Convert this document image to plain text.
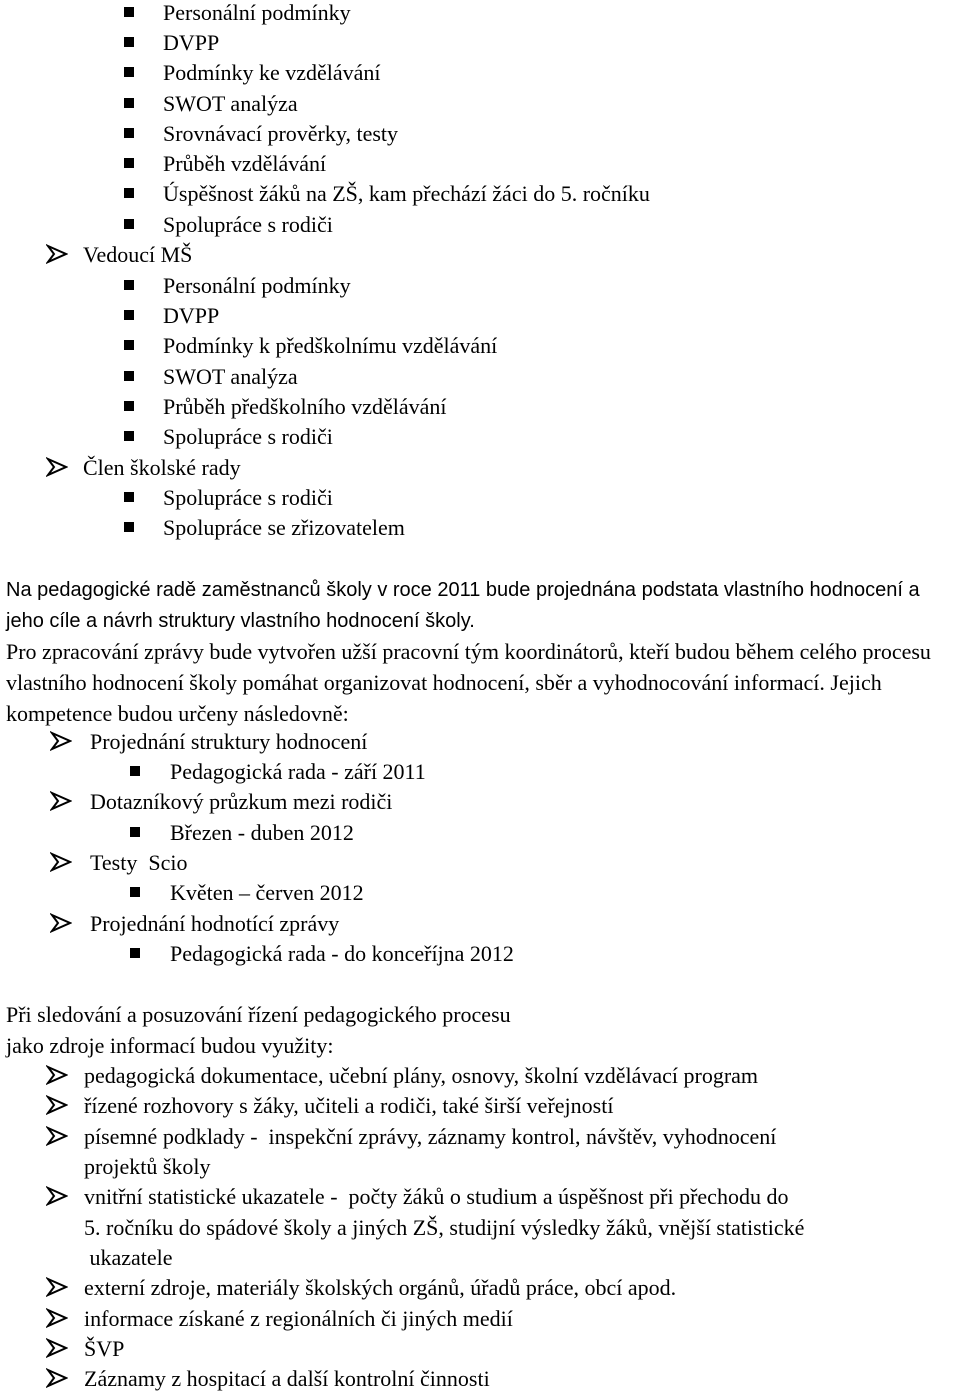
Personální podmínky
DVPP
Podmínky ke vzdělávání
SWOT analýza
Srovnávací prověrky, testy
Průběh vzdělávání
Úspěšnost žáků na ZŠ, kam přechází žáci do 5. ročníku
Spolupráce s rodiči
Vedoucí MŠ
Personální podmínky
DVPP
Podmínky k předškolnímu vzdělávání
SWOT analýza
Průběh předškolního vzdělávání
Spolupráce s rodiči
Člen školské rady
Spolupráce s rodiči
Spolupráce se zřizovatelem
Na pedagogické radě zaměstnanců školy v roce 2011 bude projednána podstata vlastního hodnocení a jeho cíle a návrh struktury vlastního hodnocení školy.
Pro zpracování zprávy bude vytvořen užší pracovní tým koordinátorů, kteří budou během celého procesu vlastního hodnocení školy pomáhat organizovat hodnocení, sběr a vyhodnocování informací. Jejich kompetence budou určeny následovně:
Projednání struktury hodnocení
Pedagogická rada - září 2011
Dotazníkový průzkum mezi rodiči
Březen - duben 2012
Testy  Scio
Květen – červen 2012
Projednání hodnotící zprávy
Pedagogická rada - do konceříjna 2012
Při sledování a posuzování řízení pedagogického procesu
jako zdroje informací budou využity:
pedagogická dokumentace, učební plány, osnovy, školní vzdělávací program
řízené rozhovory s žáky, učiteli a rodiči, také širší veřejností
písemné podklady -  inspekční zprávy, záznamy kontrol, návštěv, vyhodnocení
projektů školy
vnitřní statistické ukazatele -  počty žáků o studium a úspěšnost při přechodu do
5. ročníku do spádové školy a jiných ZŠ, studijní výsledky žáků, vnější statistické
ukazatele
externí zdroje, materiály školských orgánů, úřadů práce, obcí apod.
informace získané z regionálních či jiných medií
ŠVP
Záznamy z hospitací a další kontrolní činnosti
